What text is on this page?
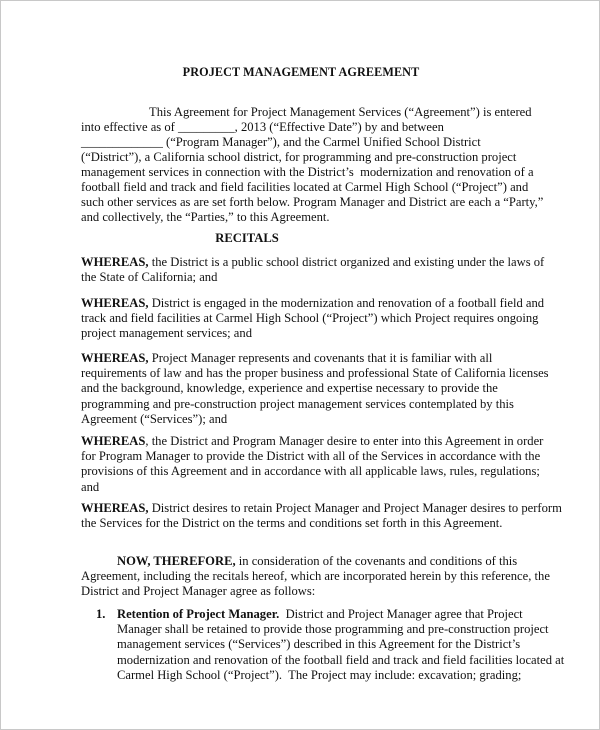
PROJECT MANAGEMENT AGREEMENT
This Agreement for Project Management Services (“Agreement”) is entered
into effective as of _________, 2013 (“Effective Date”) by and between
_____________ (“Program Manager”), and the Carmel Unified School District
(“District”), a California school district, for programming and pre-construction project
management services in connection with the District’s  modernization and renovation of a
football field and track and field facilities located at Carmel High School (“Project”) and
such other services as are set forth below. Program Manager and District are each a “Party,”
and collectively, the “Parties,” to this Agreement.
RECITALS
WHEREAS, the District is a public school district organized and existing under the laws of
the State of California; and
WHEREAS, District is engaged in the modernization and renovation of a football field and
track and field facilities at Carmel High School (“Project”) which Project requires ongoing
project management services; and
WHEREAS, Project Manager represents and covenants that it is familiar with all
requirements of law and has the proper business and professional State of California licenses
and the background, knowledge, experience and expertise necessary to provide the
programming and pre-construction project management services contemplated by this
Agreement (“Services”); and
WHEREAS, the District and Program Manager desire to enter into this Agreement in order
for Program Manager to provide the District with all of the Services in accordance with the
provisions of this Agreement and in accordance with all applicable laws, rules, regulations;
and
WHEREAS, District desires to retain Project Manager and Project Manager desires to perform
the Services for the District on the terms and conditions set forth in this Agreement.
NOW, THEREFORE, in consideration of the covenants and conditions of this
Agreement, including the recitals hereof, which are incorporated herein by this reference, the
District and Project Manager agree as follows:
1. Retention of Project Manager.  District and Project Manager agree that Project
Manager shall be retained to provide those programming and pre-construction project
management services (“Services”) described in this Agreement for the District’s
modernization and renovation of the football field and track and field facilities located at
Carmel High School (“Project”).  The Project may include: excavation; grading;
